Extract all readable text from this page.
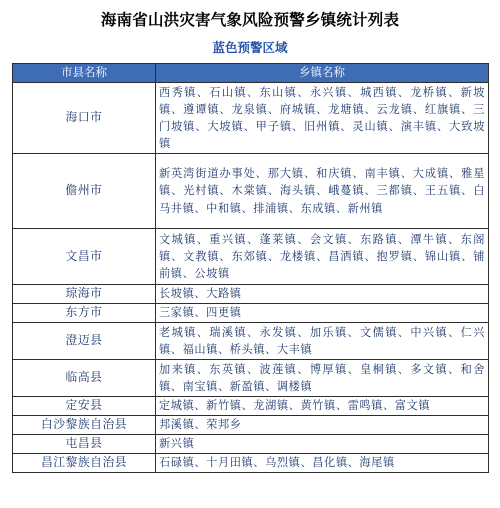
海南省山洪灾害气象风险预警乡镇统计列表
蓝色预警区域
市县名称	乡镇名称
海口市	西秀镇、石山镇、东山镇、永兴镇、城西镇、龙桥镇、新坡镇、遵谭镇、龙泉镇、府城镇、龙塘镇、云龙镇、红旗镇、三门坡镇、大坡镇、甲子镇、旧州镇、灵山镇、演丰镇、大致坡镇
儋州市	新英湾街道办事处、那大镇、和庆镇、南丰镇、大成镇、雅星镇、光村镇、木棠镇、海头镇、峨蔓镇、三都镇、王五镇、白马井镇、中和镇、排浦镇、东成镇、新州镇
文昌市	文城镇、重兴镇、蓬莱镇、会文镇、东路镇、潭牛镇、东阁镇、文教镇、东郊镇、龙楼镇、昌洒镇、抱罗镇、锦山镇、铺前镇、公坡镇
琼海市	长坡镇、大路镇
东方市	三家镇、四更镇
澄迈县	老城镇、瑞溪镇、永发镇、加乐镇、文儒镇、中兴镇、仁兴镇、福山镇、桥头镇、大丰镇
临高县	加来镇、东英镇、波莲镇、博厚镇、皇桐镇、多文镇、和舍镇、南宝镇、新盈镇、调楼镇
定安县	定城镇、新竹镇、龙湖镇、黄竹镇、雷鸣镇、富文镇
白沙黎族自治县	邦溪镇、荣邦乡
屯昌县	新兴镇
昌江黎族自治县	石碌镇、十月田镇、乌烈镇、昌化镇、海尾镇
